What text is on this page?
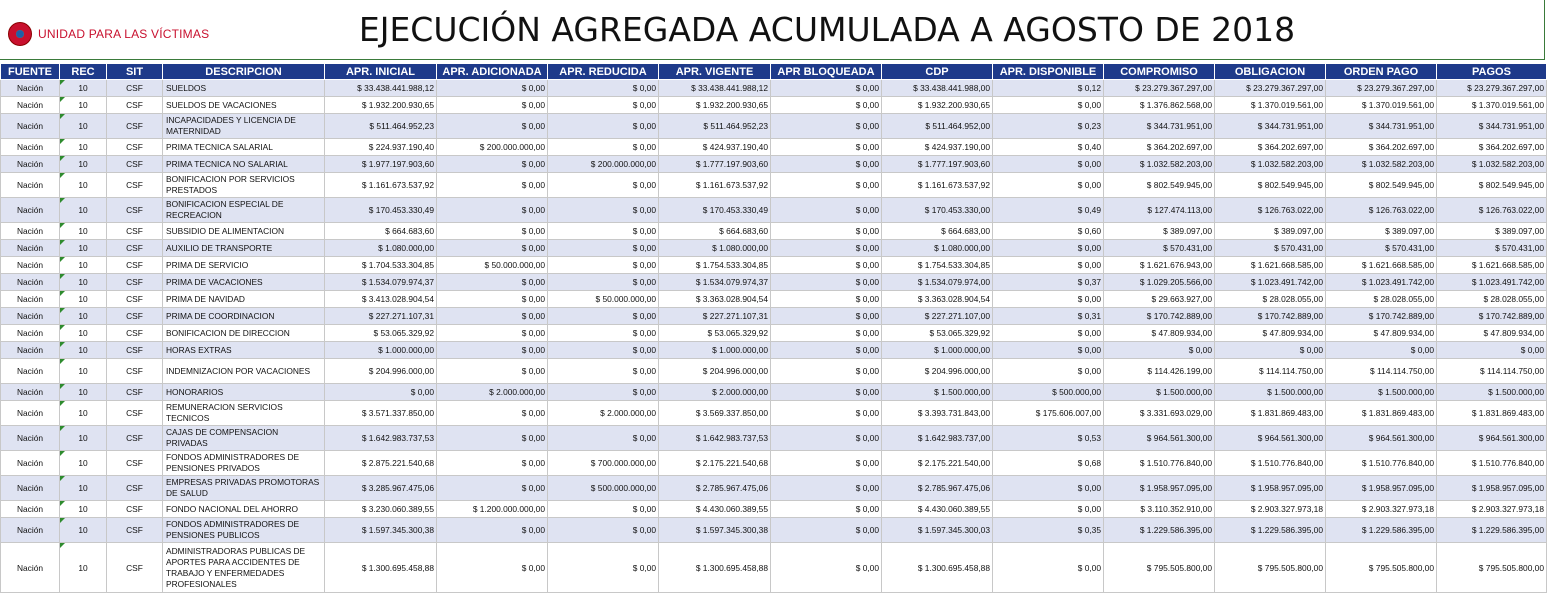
UNIDAD PARA LAS VÍCTIMAS	EJECUCIÓN AGREGADA ACUMULADA A AGOSTO DE 2018
FUENTE	REC	SIT	DESCRIPCION	APR. INICIAL	APR. ADICIONADA	APR. REDUCIDA	APR. VIGENTE	APR BLOQUEADA	CDP	APR. DISPONIBLE	COMPROMISO	OBLIGACION	ORDEN PAGO	PAGOS
Nación	10	CSF	SUELDOS	$ 33.438.441.988,12	$ 0,00	$ 0,00	$ 33.438.441.988,12	$ 0,00	$ 33.438.441.988,00	$ 0,12	$ 23.279.367.297,00	$ 23.279.367.297,00	$ 23.279.367.297,00	$ 23.279.367.297,00
Nación	10	CSF	SUELDOS DE VACACIONES	$ 1.932.200.930,65	$ 0,00	$ 0,00	$ 1.932.200.930,65	$ 0,00	$ 1.932.200.930,65	$ 0,00	$ 1.376.862.568,00	$ 1.370.019.561,00	$ 1.370.019.561,00	$ 1.370.019.561,00
Nación	10	CSF	INCAPACIDADES Y LICENCIA DE MATERNIDAD	$ 511.464.952,23	$ 0,00	$ 0,00	$ 511.464.952,23	$ 0,00	$ 511.464.952,00	$ 0,23	$ 344.731.951,00	$ 344.731.951,00	$ 344.731.951,00	$ 344.731.951,00
Nación	10	CSF	PRIMA TECNICA SALARIAL	$ 224.937.190,40	$ 200.000.000,00	$ 0,00	$ 424.937.190,40	$ 0,00	$ 424.937.190,00	$ 0,40	$ 364.202.697,00	$ 364.202.697,00	$ 364.202.697,00	$ 364.202.697,00
Nación	10	CSF	PRIMA TECNICA NO SALARIAL	$ 1.977.197.903,60	$ 0,00	$ 200.000.000,00	$ 1.777.197.903,60	$ 0,00	$ 1.777.197.903,60	$ 0,00	$ 1.032.582.203,00	$ 1.032.582.203,00	$ 1.032.582.203,00	$ 1.032.582.203,00
Nación	10	CSF	BONIFICACION POR SERVICIOS PRESTADOS	$ 1.161.673.537,92	$ 0,00	$ 0,00	$ 1.161.673.537,92	$ 0,00	$ 1.161.673.537,92	$ 0,00	$ 802.549.945,00	$ 802.549.945,00	$ 802.549.945,00	$ 802.549.945,00
Nación	10	CSF	BONIFICACION ESPECIAL DE RECREACION	$ 170.453.330,49	$ 0,00	$ 0,00	$ 170.453.330,49	$ 0,00	$ 170.453.330,00	$ 0,49	$ 127.474.113,00	$ 126.763.022,00	$ 126.763.022,00	$ 126.763.022,00
Nación	10	CSF	SUBSIDIO DE ALIMENTACION	$ 664.683,60	$ 0,00	$ 0,00	$ 664.683,60	$ 0,00	$ 664.683,00	$ 0,60	$ 389.097,00	$ 389.097,00	$ 389.097,00	$ 389.097,00
Nación	10	CSF	AUXILIO DE TRANSPORTE	$ 1.080.000,00	$ 0,00	$ 0,00	$ 1.080.000,00	$ 0,00	$ 1.080.000,00	$ 0,00	$ 570.431,00	$ 570.431,00	$ 570.431,00	$ 570.431,00
Nación	10	CSF	PRIMA DE SERVICIO	$ 1.704.533.304,85	$ 50.000.000,00	$ 0,00	$ 1.754.533.304,85	$ 0,00	$ 1.754.533.304,85	$ 0,00	$ 1.621.676.943,00	$ 1.621.668.585,00	$ 1.621.668.585,00	$ 1.621.668.585,00
Nación	10	CSF	PRIMA DE VACACIONES	$ 1.534.079.974,37	$ 0,00	$ 0,00	$ 1.534.079.974,37	$ 0,00	$ 1.534.079.974,00	$ 0,37	$ 1.029.205.566,00	$ 1.023.491.742,00	$ 1.023.491.742,00	$ 1.023.491.742,00
Nación	10	CSF	PRIMA DE NAVIDAD	$ 3.413.028.904,54	$ 0,00	$ 50.000.000,00	$ 3.363.028.904,54	$ 0,00	$ 3.363.028.904,54	$ 0,00	$ 29.663.927,00	$ 28.028.055,00	$ 28.028.055,00	$ 28.028.055,00
Nación	10	CSF	PRIMA DE COORDINACION	$ 227.271.107,31	$ 0,00	$ 0,00	$ 227.271.107,31	$ 0,00	$ 227.271.107,00	$ 0,31	$ 170.742.889,00	$ 170.742.889,00	$ 170.742.889,00	$ 170.742.889,00
Nación	10	CSF	BONIFICACION DE DIRECCION	$ 53.065.329,92	$ 0,00	$ 0,00	$ 53.065.329,92	$ 0,00	$ 53.065.329,92	$ 0,00	$ 47.809.934,00	$ 47.809.934,00	$ 47.809.934,00	$ 47.809.934,00
Nación	10	CSF	HORAS EXTRAS	$ 1.000.000,00	$ 0,00	$ 0,00	$ 1.000.000,00	$ 0,00	$ 1.000.000,00	$ 0,00	$ 0,00	$ 0,00	$ 0,00	$ 0,00
Nación	10	CSF	INDEMNIZACION POR VACACIONES	$ 204.996.000,00	$ 0,00	$ 0,00	$ 204.996.000,00	$ 0,00	$ 204.996.000,00	$ 0,00	$ 114.426.199,00	$ 114.114.750,00	$ 114.114.750,00	$ 114.114.750,00
Nación	10	CSF	HONORARIOS	$ 0,00	$ 2.000.000,00	$ 0,00	$ 2.000.000,00	$ 0,00	$ 1.500.000,00	$ 500.000,00	$ 1.500.000,00	$ 1.500.000,00	$ 1.500.000,00	$ 1.500.000,00
Nación	10	CSF	REMUNERACION SERVICIOS TECNICOS	$ 3.571.337.850,00	$ 0,00	$ 2.000.000,00	$ 3.569.337.850,00	$ 0,00	$ 3.393.731.843,00	$ 175.606.007,00	$ 3.331.693.029,00	$ 1.831.869.483,00	$ 1.831.869.483,00	$ 1.831.869.483,00
Nación	10	CSF	CAJAS DE COMPENSACION PRIVADAS	$ 1.642.983.737,53	$ 0,00	$ 0,00	$ 1.642.983.737,53	$ 0,00	$ 1.642.983.737,00	$ 0,53	$ 964.561.300,00	$ 964.561.300,00	$ 964.561.300,00	$ 964.561.300,00
Nación	10	CSF	FONDOS ADMINISTRADORES DE PENSIONES PRIVADOS	$ 2.875.221.540,68	$ 0,00	$ 700.000.000,00	$ 2.175.221.540,68	$ 0,00	$ 2.175.221.540,00	$ 0,68	$ 1.510.776.840,00	$ 1.510.776.840,00	$ 1.510.776.840,00	$ 1.510.776.840,00
Nación	10	CSF	EMPRESAS PRIVADAS PROMOTORAS DE SALUD	$ 3.285.967.475,06	$ 0,00	$ 500.000.000,00	$ 2.785.967.475,06	$ 0,00	$ 2.785.967.475,06	$ 0,00	$ 1.958.957.095,00	$ 1.958.957.095,00	$ 1.958.957.095,00	$ 1.958.957.095,00
Nación	10	CSF	FONDO NACIONAL DEL AHORRO	$ 3.230.060.389,55	$ 1.200.000.000,00	$ 0,00	$ 4.430.060.389,55	$ 0,00	$ 4.430.060.389,55	$ 0,00	$ 3.110.352.910,00	$ 2.903.327.973,18	$ 2.903.327.973,18	$ 2.903.327.973,18
Nación	10	CSF	FONDOS ADMINISTRADORES DE PENSIONES PUBLICOS	$ 1.597.345.300,38	$ 0,00	$ 0,00	$ 1.597.345.300,38	$ 0,00	$ 1.597.345.300,03	$ 0,35	$ 1.229.586.395,00	$ 1.229.586.395,00	$ 1.229.586.395,00	$ 1.229.586.395,00
Nación	10	CSF	ADMINISTRADORAS PUBLICAS DE APORTES PARA ACCIDENTES DE TRABAJO Y ENFERMEDADES PROFESIONALES	$ 1.300.695.458,88	$ 0,00	$ 0,00	$ 1.300.695.458,88	$ 0,00	$ 1.300.695.458,88	$ 0,00	$ 795.505.800,00	$ 795.505.800,00	$ 795.505.800,00	$ 795.505.800,00
